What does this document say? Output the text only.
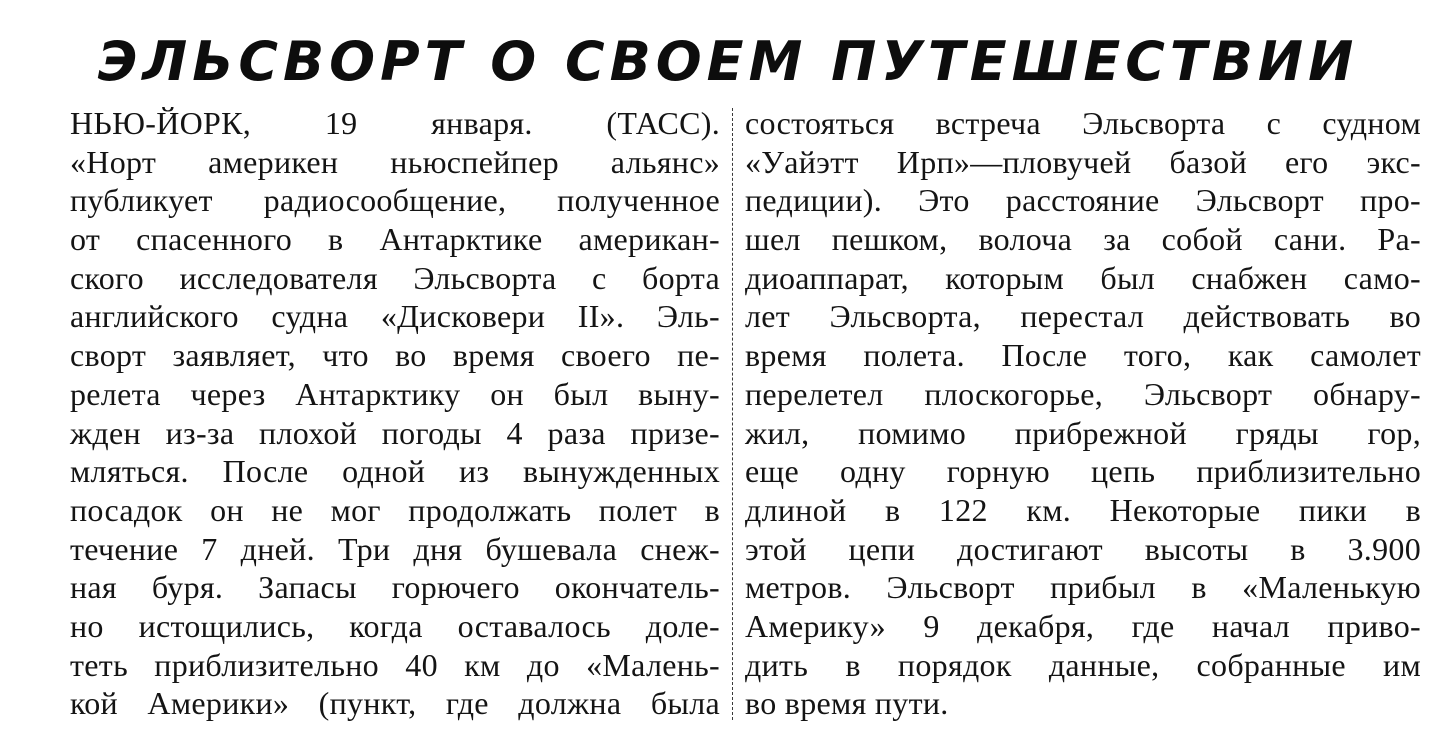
ЭЛЬСВОРТ О СВОЕМ ПУТЕШЕСТВИИ
НЬЮ-ЙОРК, 19 января. (ТАСС).
«Норт америкен ньюспейпер альянс»
публикует радиосообщение, полученное
от спасенного в Антарктике американ-
ского исследователя Эльсворта с борта
английского судна «Дисковери II». Эль-
сворт заявляет, что во время своего пе-
релета через Антарктику он был выну-
жден из-за плохой погоды 4 раза призе-
мляться. После одной из вынужденных
посадок он не мог продолжать полет в
течение 7 дней. Три дня бушевала снеж-
ная буря. Запасы горючего окончатель-
но истощились, когда оставалось доле-
теть приблизительно 40 км до «Малень-
кой Америки» (пункт, где должна была
состояться встреча Эльсворта с судном
«Уайэтт Ирп»—пловучей базой его экс-
педиции). Это расстояние Эльсворт про-
шел пешком, волоча за собой сани. Ра-
диоаппарат, которым был снабжен само-
лет Эльсворта, перестал действовать во
время полета. После того, как самолет
перелетел плоскогорье, Эльсворт обнару-
жил, помимо прибрежной гряды гор,
еще одну горную цепь приблизительно
длиной в 122 км. Некоторые пики в
этой цепи достигают высоты в 3.900
метров. Эльсворт прибыл в «Маленькую
Америку» 9 декабря, где начал приво-
дить в порядок данные, собранные им
во время пути.
